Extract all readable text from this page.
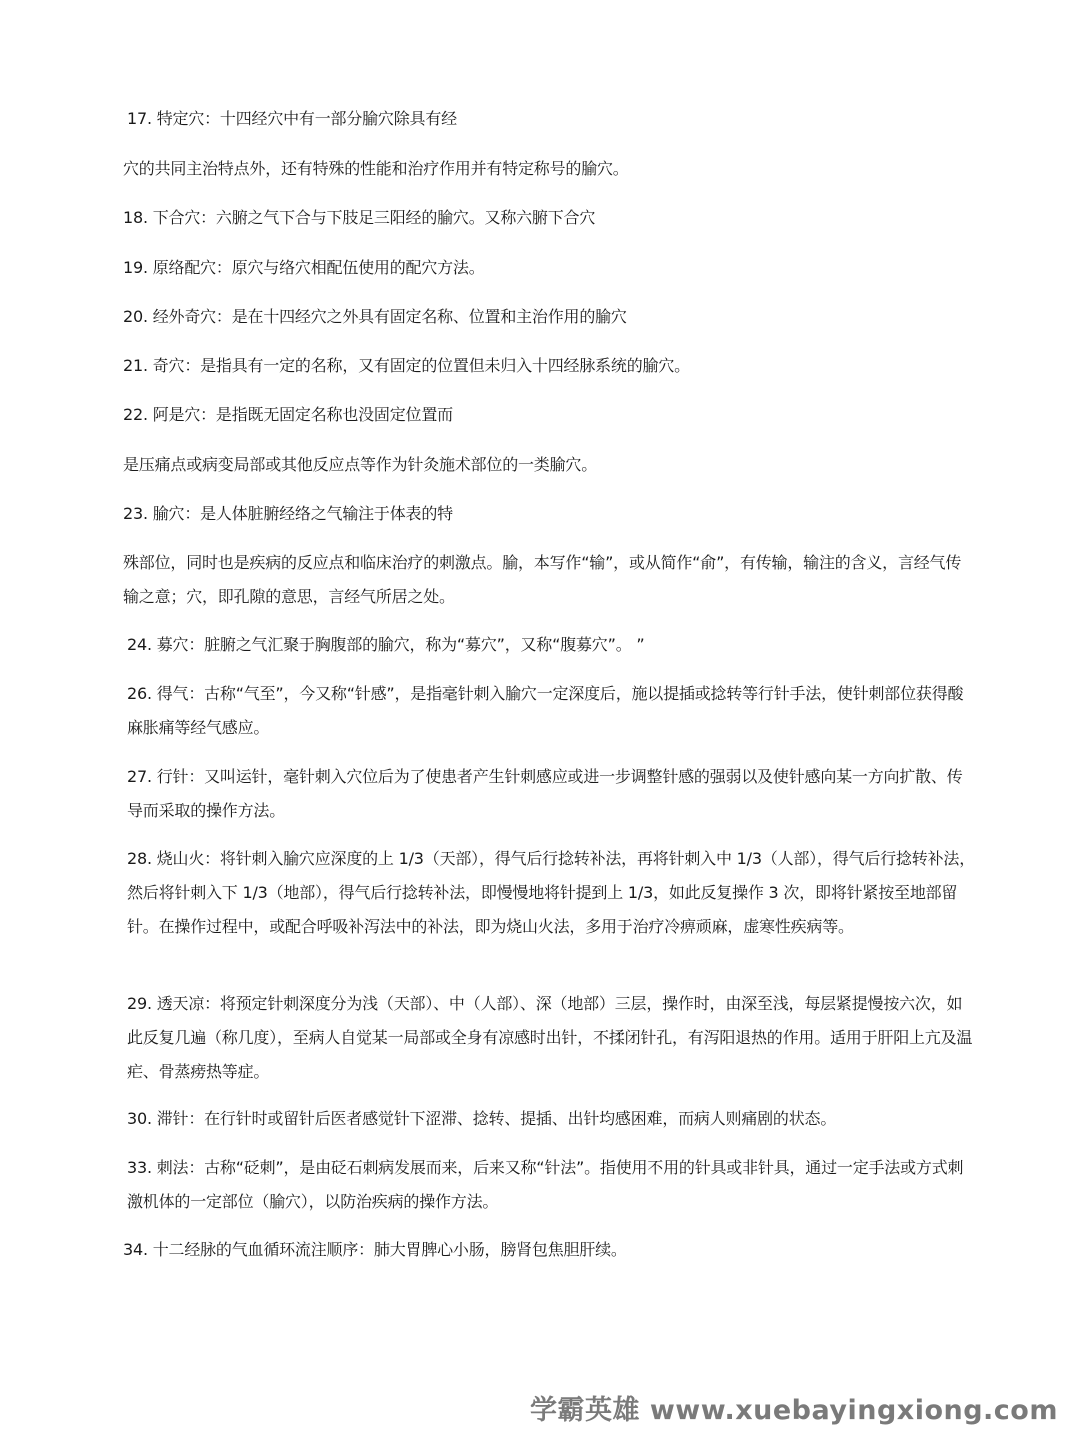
17. 特定穴：十四经穴中有一部分腧穴除具有经
穴的共同主治特点外，还有特殊的性能和治疗作用并有特定称号的腧穴。
18. 下合穴：六腑之气下合与下肢足三阳经的腧穴。又称六腑下合穴
19. 原络配穴：原穴与络穴相配伍使用的配穴方法。
20. 经外奇穴：是在十四经穴之外具有固定名称、位置和主治作用的腧穴
21. 奇穴：是指具有一定的名称，又有固定的位置但未归入十四经脉系统的腧穴。
22. 阿是穴：是指既无固定名称也没固定位置而
是压痛点或病变局部或其他反应点等作为针灸施术部位的一类腧穴。
23. 腧穴：是人体脏腑经络之气输注于体表的特
殊部位，同时也是疾病的反应点和临床治疗的刺激点。腧，本写作“输”，或从简作“俞”，有传输，输注的含义，言经气传输之意；穴，即孔隙的意思，言经气所居之处。
24. 募穴：脏腑之气汇聚于胸腹部的腧穴，称为“募穴”，又称“腹募穴”。 ”
26. 得气：古称“气至”，今又称“针感”，是指毫针刺入腧穴一定深度后，施以提插或捻转等行针手法，使针刺部位获得酸麻胀痛等经气感应。
27. 行针：又叫运针，毫针刺入穴位后为了使患者产生针刺感应或进一步调整针感的强弱以及使针感向某一方向扩散、传导而采取的操作方法。
28. 烧山火：将针刺入腧穴应深度的上 1/3（天部），得气后行捻转补法，再将针刺入中 1/3（人部），得气后行捻转补法，然后将针刺入下 1/3（地部），得气后行捻转补法，即慢慢地将针提到上 1/3，如此反复操作 3 次，即将针紧按至地部留针。在操作过程中，或配合呼吸补泻法中的补法，即为烧山火法，多用于治疗冷痹顽麻，虚寒性疾病等。
29. 透天凉：将预定针刺深度分为浅（天部）、中（人部）、深（地部）三层，操作时，由深至浅，每层紧提慢按六次，如此反复几遍（称几度），至病人自觉某一局部或全身有凉感时出针，不揉闭针孔，有泻阳退热的作用。适用于肝阳上亢及温疟、骨蒸痨热等症。
30. 滞针：在行针时或留针后医者感觉针下涩滞、捻转、提插、出针均感困难，而病人则痛剧的状态。
33. 刺法：古称“砭刺”，是由砭石刺病发展而来，后来又称“针法”。指使用不用的针具或非针具，通过一定手法或方式刺激机体的一定部位（腧穴），以防治疾病的操作方法。
34. 十二经脉的气血循环流注顺序：肺大胃脾心小肠，膀肾包焦胆肝续。
学霸英雄 www.xuebayingxiong.com
